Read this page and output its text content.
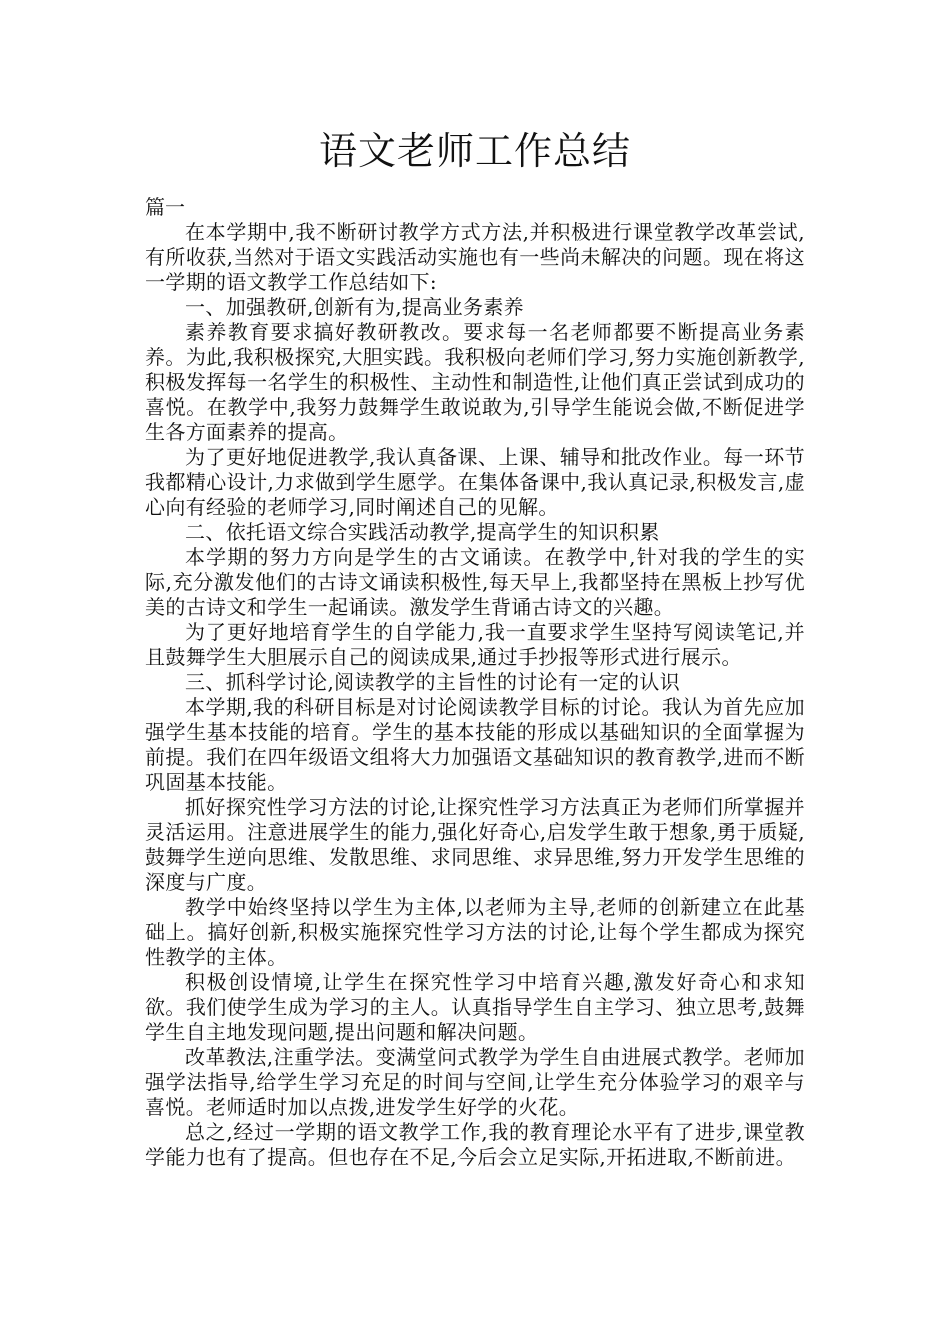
语文老师工作总结

篇一

在本学期中,我不断研讨教学方式方法,并积极进行课堂教学改革尝试,有所收获,当然对于语文实践活动实施也有一些尚未解决的问题。现在将这一学期的语文教学工作总结如下:

一、加强教研,创新有为,提高业务素养

素养教育要求搞好教研教改。要求每一名老师都要不断提高业务素养。为此,我积极探究,大胆实践。我积极向老师们学习,努力实施创新教学,积极发挥每一名学生的积极性、主动性和制造性,让他们真正尝试到成功的喜悦。在教学中,我努力鼓舞学生敢说敢为,引导学生能说会做,不断促进学生各方面素养的提高。

为了更好地促进教学,我认真备课、上课、辅导和批改作业。每一环节我都精心设计,力求做到学生愿学。在集体备课中,我认真记录,积极发言,虚心向有经验的老师学习,同时阐述自己的见解。

二、依托语文综合实践活动教学,提高学生的知识积累

本学期的努力方向是学生的古文诵读。在教学中,针对我的学生的实际,充分激发他们的古诗文诵读积极性,每天早上,我都坚持在黑板上抄写优美的古诗文和学生一起诵读。激发学生背诵古诗文的兴趣。

为了更好地培育学生的自学能力,我一直要求学生坚持写阅读笔记,并且鼓舞学生大胆展示自己的阅读成果,通过手抄报等形式进行展示。

三、抓科学讨论,阅读教学的主旨性的讨论有一定的认识

本学期,我的科研目标是对讨论阅读教学目标的讨论。我认为首先应加强学生基本技能的培育。学生的基本技能的形成以基础知识的全面掌握为前提。我们在四年级语文组将大力加强语文基础知识的教育教学,进而不断巩固基本技能。

抓好探究性学习方法的讨论,让探究性学习方法真正为老师们所掌握并灵活运用。注意进展学生的能力,强化好奇心,启发学生敢于想象,勇于质疑,鼓舞学生逆向思维、发散思维、求同思维、求异思维,努力开发学生思维的深度与广度。

教学中始终坚持以学生为主体,以老师为主导,老师的创新建立在此基础上。搞好创新,积极实施探究性学习方法的讨论,让每个学生都成为探究性教学的主体。

积极创设情境,让学生在探究性学习中培育兴趣,激发好奇心和求知欲。我们使学生成为学习的主人。认真指导学生自主学习、独立思考,鼓舞学生自主地发现问题,提出问题和解决问题。

改革教法,注重学法。变满堂问式教学为学生自由进展式教学。老师加强学法指导,给学生学习充足的时间与空间,让学生充分体验学习的艰辛与喜悦。老师适时加以点拨,进发学生好学的火花。

总之,经过一学期的语文教学工作,我的教育理论水平有了进步,课堂教学能力也有了提高。但也存在不足,今后会立足实际,开拓进取,不断前进。
